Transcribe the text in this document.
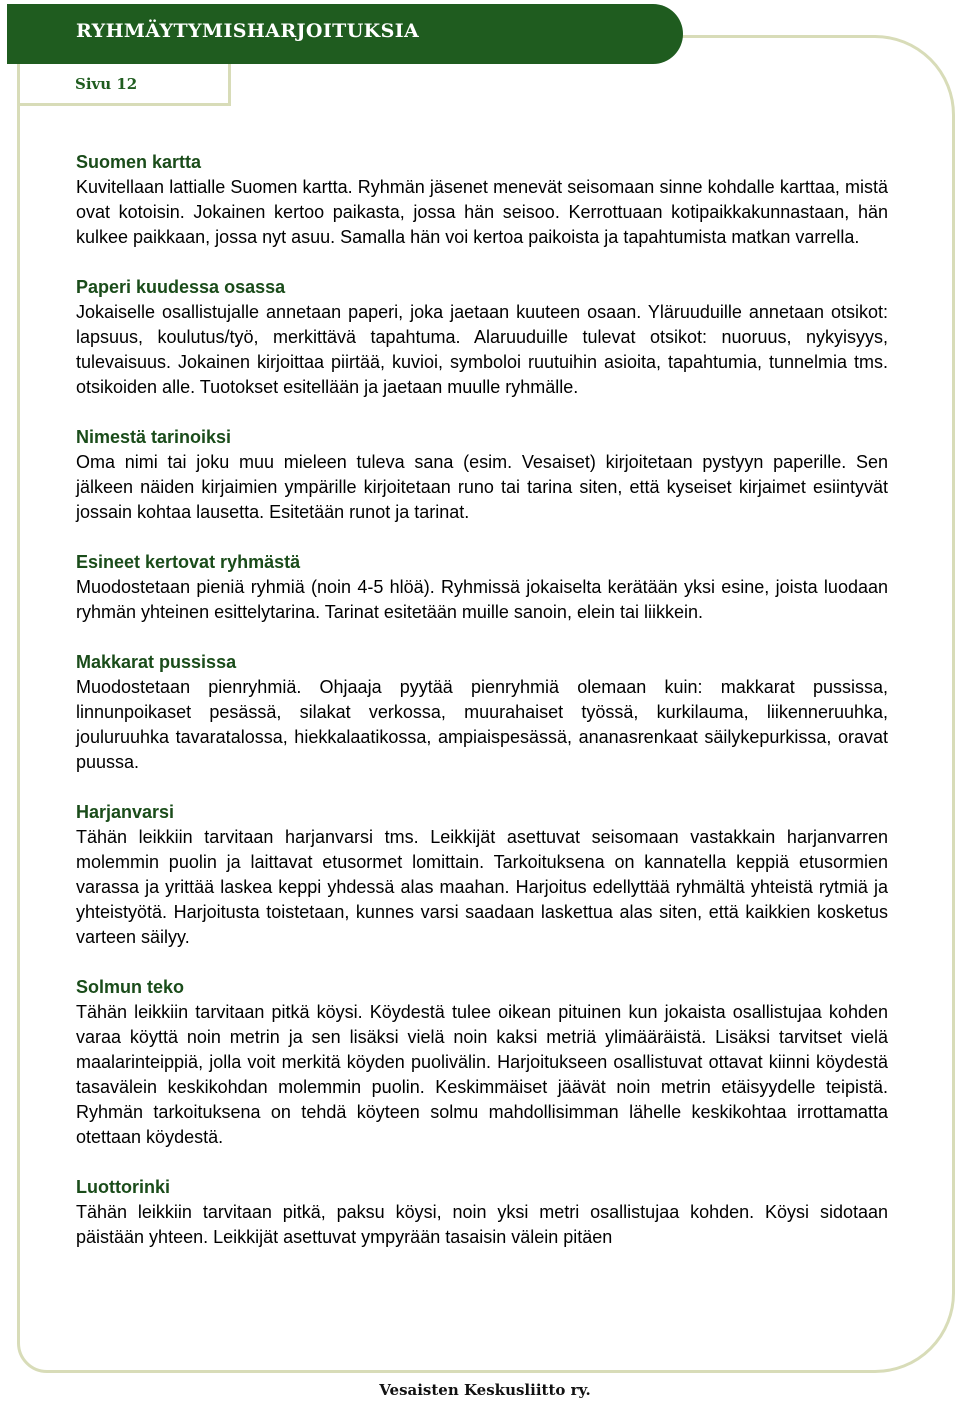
RYHMÄYTYMISHARJOITUKSIA
Sivu 12
Suomen kartta

Kuvitellaan lattialle Suomen kartta. Ryhmän jäsenet menevät seisomaan sinne kohdalle karttaa, mistä ovat kotoisin. Jokainen kertoo paikasta, jossa hän seisoo. Kerrottuaan kotipaikkakunnastaan, hän kulkee paikkaan, jossa nyt asuu. Samalla hän voi kertoa paikoista ja tapahtumista matkan varrella.

Paperi kuudessa osassa

Jokaiselle osallistujalle annetaan paperi, joka jaetaan kuuteen osaan. Yläruuduille annetaan otsikot: lapsuus, koulutus/työ, merkittävä tapahtuma. Alaruuduille tulevat otsikot: nuoruus, nykyisyys, tulevaisuus. Jokainen kirjoittaa piirtää, kuvioi, symboloi ruutuihin asioita, tapahtumia, tunnelmia tms. otsikoiden alle. Tuotokset esitellään ja jaetaan muulle ryhmälle.

Nimestä tarinoiksi

Oma nimi tai joku muu mieleen tuleva sana (esim. Vesaiset) kirjoitetaan pystyyn paperille. Sen jälkeen näiden kirjaimien ympärille kirjoitetaan runo tai tarina siten, että kyseiset kirjaimet esiintyvät jossain kohtaa lausetta. Esitetään runot ja tarinat.

Esineet kertovat ryhmästä

Muodostetaan pieniä ryhmiä (noin 4-5 hlöä). Ryhmissä jokaiselta kerätään yksi esine, joista luodaan ryhmän yhteinen esittelytarina. Tarinat esitetään muille sanoin, elein tai liikkein.

Makkarat pussissa

Muodostetaan pienryhmiä. Ohjaaja pyytää pienryhmiä olemaan kuin: makkarat pussissa, linnunpoikaset pesässä, silakat verkossa, muurahaiset työssä, kurkilauma, liikenneruuhka, jouluruuhka tavaratalossa, hiekkalaatikossa, ampiaispesässä, ananasrenkaat säilykepurkissa, oravat puussa.

Harjanvarsi

Tähän leikkiin tarvitaan harjanvarsi tms. Leikkijät asettuvat seisomaan vastakkain harjanvarren molemmin puolin ja laittavat etusormet lomittain. Tarkoituksena on kannatella keppiä etusormien varassa ja yrittää laskea keppi yhdessä alas maahan. Harjoitus edellyttää ryhmältä yhteistä rytmiä ja yhteistyötä. Harjoitusta toistetaan, kunnes varsi saadaan laskettua alas siten, että kaikkien kosketus varteen säilyy.

Solmun teko

Tähän leikkiin tarvitaan pitkä köysi. Köydestä tulee oikean pituinen kun jokaista osallistujaa kohden varaa köyttä noin metrin ja sen lisäksi vielä noin kaksi metriä ylimääräistä. Lisäksi tarvitset vielä maalarinteippiä, jolla voit merkitä köyden puolivälin. Harjoitukseen osallistuvat ottavat kiinni köydestä tasavälein keskikohdan molemmin puolin. Keskimmäiset jäävät noin metrin etäisyydelle teipistä. Ryhmän tarkoituksena on tehdä köyteen solmu mahdollisimman lähelle keskikohtaa irrottamatta otettaan köydestä.

Luottorinki

Tähän leikkiin tarvitaan pitkä, paksu köysi, noin yksi metri osallistujaa kohden. Köysi sidotaan päistään yhteen. Leikkijät asettuvat ympyrään tasaisin välein pitäen

Vesaisten Keskusliitto ry.
